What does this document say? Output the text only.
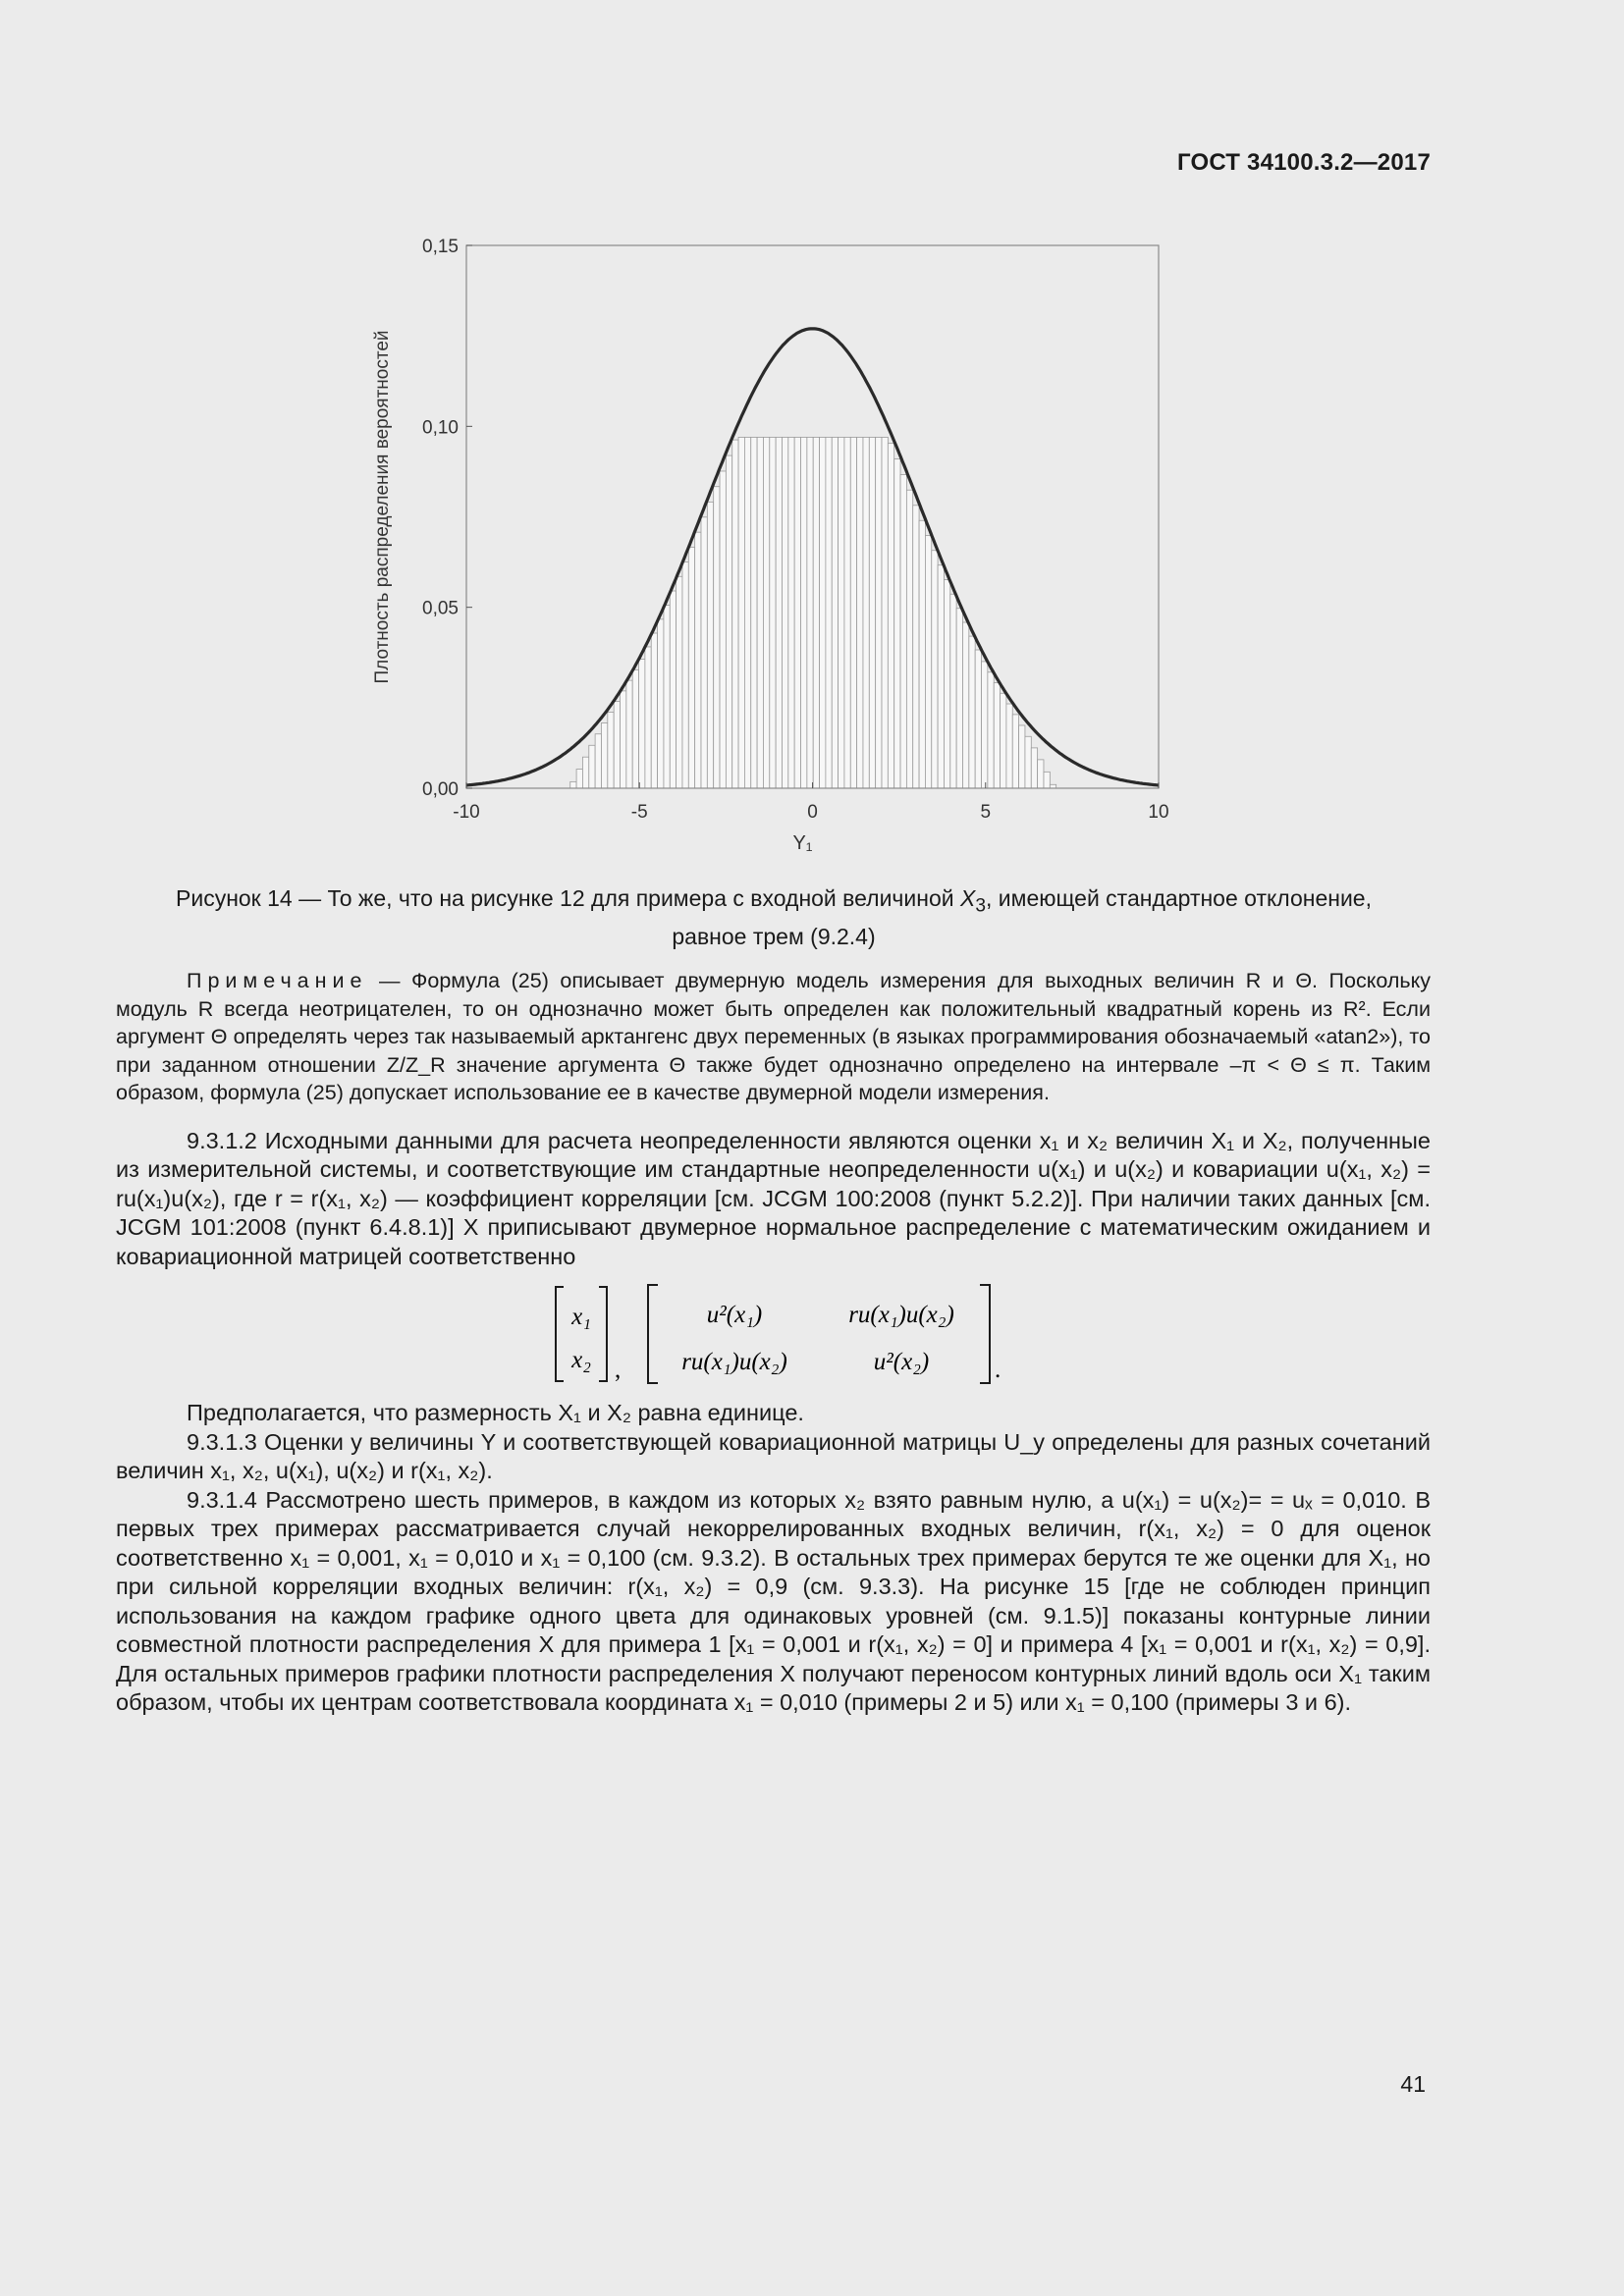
ГОСТ 34100.3.2—2017
-10	-5	0	5	10
0,00
0,05
0,10
0,15
Y₁
Плотность распределения вероятностей
Рисунок 14 — То же, что на рисунке 12 для примера с входной величиной $X_3$, имеющей стандартное отклонение,
равное трем (9.2.4)

Примечание — Формула (25) описывает двумерную модель измерения для выходных величин R и Θ. Поскольку модуль R всегда неотрицателен, то он однозначно может быть определен как положительный квадратный корень из R². Если аргумент Θ определять через так называемый арктангенс двух переменных (в языках программирования обозначаемый «atan2»), то при заданном отношении Z/Z_R значение аргумента Θ также будет однозначно определено на интервале –π < Θ ≤ π. Таким образом, формула (25) допускает использование ее в качестве двумерной модели измерения.

9.3.1.2 Исходными данными для расчета неопределенности являются оценки x₁ и x₂ величин X₁ и X₂, полученные из измерительной системы, и соответствующие им стандартные неопределенности u(x₁) и u(x₂) и ковариации u(x₁, x₂) = ru(x₁)u(x₂), где r = r(x₁, x₂) — коэффициент корреляции [см. JCGM 100:2008 (пункт 5.2.2)]. При наличии таких данных [см. JCGM 101:2008 (пункт 6.4.8.1)] X приписывают двумерное нормальное распределение с математическим ожиданием и ковариационной матрицей соответственно

x₁
x₂ ,
u²(x₁)	ru(x₁)u(x₂)
ru(x₁)u(x₂)	u²(x₂)	.

Предполагается, что размерность X₁ и X₂ равна единице.

9.3.1.3 Оценки y величины Y и соответствующей ковариационной матрицы U_y определены для разных сочетаний величин x₁, x₂, u(x₁), u(x₂) и r(x₁, x₂).

9.3.1.4 Рассмотрено шесть примеров, в каждом из которых x₂ взято равным нулю, а u(x₁) = u(x₂)= = uₓ = 0,010. В первых трех примерах рассматривается случай некоррелированных входных величин, r(x₁, x₂) = 0 для оценок соответственно x₁ = 0,001, x₁ = 0,010 и x₁ = 0,100 (см. 9.3.2). В остальных трех примерах берутся те же оценки для X₁, но при сильной корреляции входных величин: r(x₁, x₂) = 0,9 (см. 9.3.3). На рисунке 15 [где не соблюден принцип использования на каждом графике одного цвета для одинаковых уровней (см. 9.1.5)] показаны контурные линии совместной плотности распределения X для примера 1 [x₁ = 0,001 и r(x₁, x₂) = 0] и примера 4 [x₁ = 0,001 и r(x₁, x₂) = 0,9]. Для остальных примеров графики плотности распределения X получают переносом контурных линий вдоль оси X₁ таким образом, чтобы их центрам соответствовала координата x₁ = 0,010 (примеры 2 и 5) или x₁ = 0,100 (примеры 3 и 6).

41
